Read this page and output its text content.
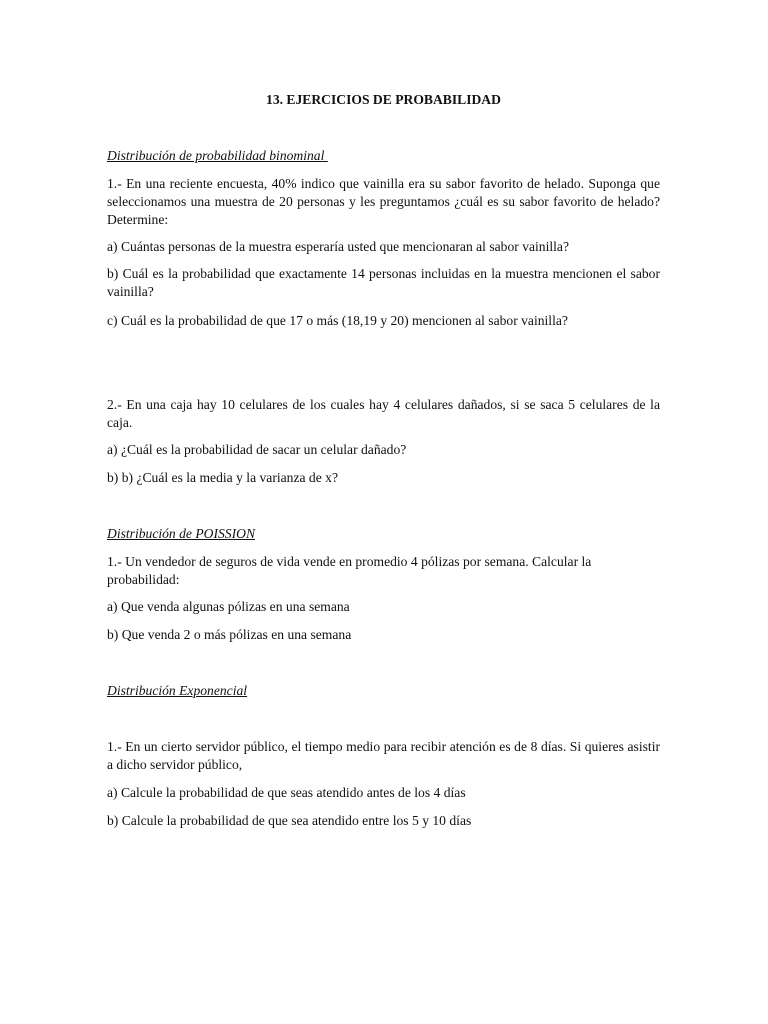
13. EJERCICIOS DE PROBABILIDAD

Distribución de probabilidad binominal

1.- En una reciente encuesta, 40% indico que vainilla era su sabor favorito de helado. Suponga que seleccionamos una muestra de 20 personas y les preguntamos ¿cuál es su sabor favorito de helado? Determine:

a) Cuántas personas de la muestra esperaría usted que mencionaran al sabor vainilla?

b) Cuál es la probabilidad que exactamente 14 personas incluidas en la muestra mencionen el sabor vainilla?

c) Cuál es la probabilidad de que 17 o más (18,19 y 20) mencionen al sabor vainilla?

2.- En una caja hay 10 celulares de los cuales hay 4 celulares dañados, si se saca 5 celulares de la caja.

a) ¿Cuál es la probabilidad de sacar un celular dañado?

b) b) ¿Cuál es la media y la varianza de x?

Distribución de POISSION

1.- Un vendedor de seguros de vida vende en promedio 4 pólizas por semana. Calcular la probabilidad:

a) Que venda algunas pólizas en una semana

b) Que venda 2 o más pólizas en una semana

Distribución Exponencial

1.- En un cierto servidor público, el tiempo medio para recibir atención es de 8 días. Si quieres asistir a dicho servidor público,

a) Calcule la probabilidad de que seas atendido antes de los 4 días

b) Calcule la probabilidad de que sea atendido entre los 5 y 10 días
